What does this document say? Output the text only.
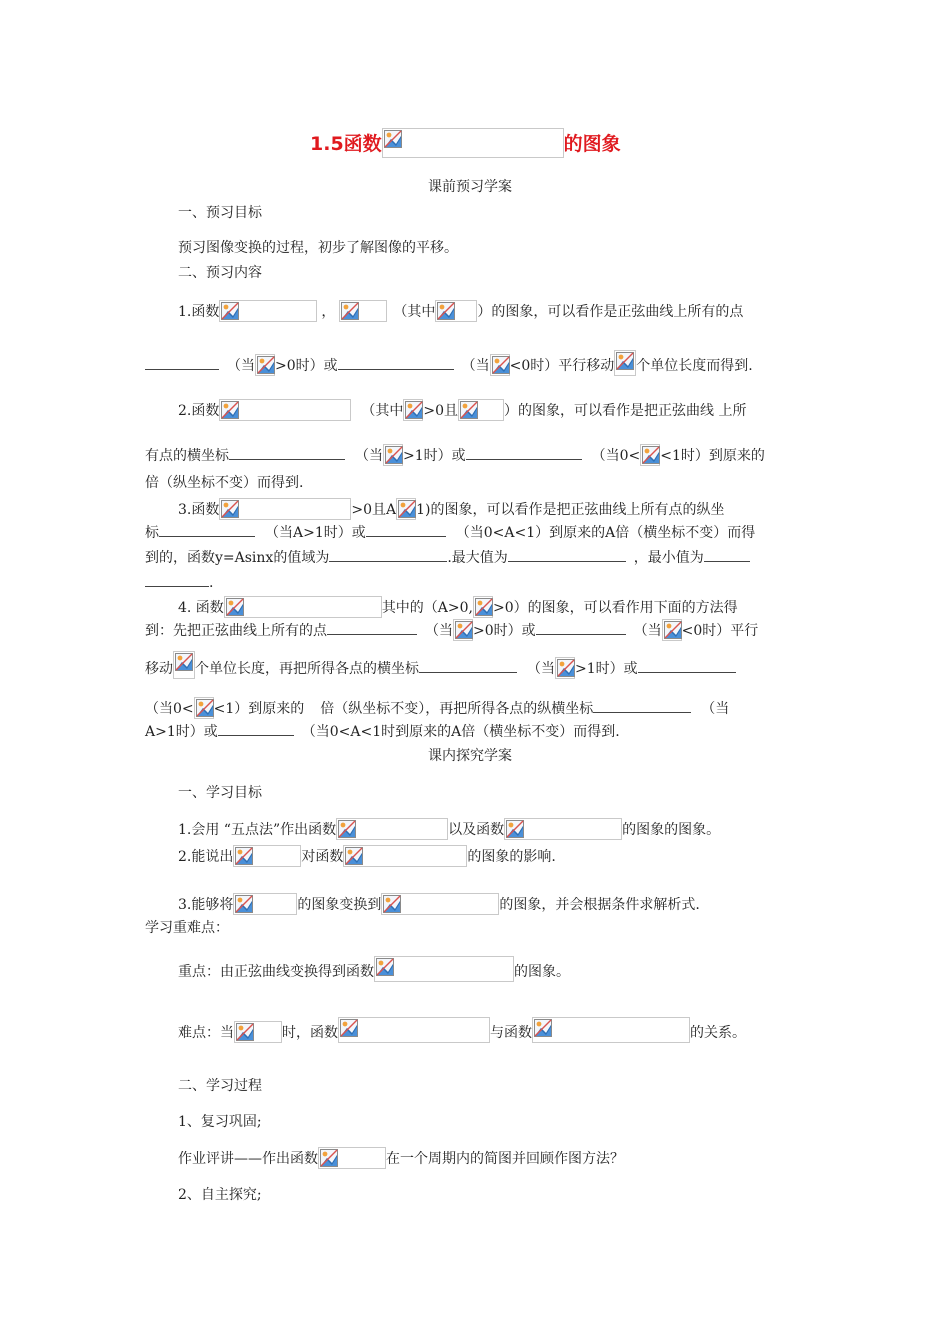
1.5函数	的图象
课前预习学案
一、预习目标
预习图像变换的过程，初步了解图像的平移。
二、预习内容
1.函数	，	（其中	）的图象，可以看作是正弦曲线上所有的点
（当 >0时）或	（当 <0时）平行移动 个单位长度而得到.
2.函数	（其中 >0且	）的图象，可以看作是把正弦曲线 上所
有点的横坐标	（当 >1时）或	（当0< <1时）到原来的
倍（纵坐标不变）而得到.
3.函数	>0且A 1)的图象，可以看作是把正弦曲线上所有点的纵坐
标	（当A>1时）或	（当0<A<1）到原来的A倍（横坐标不变）而得
到的，函数y=Asinx的值域为	.最大值为	，最小值为
.
4. 函数	其中的（A>0, >0）的图象，可以看作用下面的方法得
到：先把正弦曲线上所有的点	（当 >0时）或	（当 <0时）平行
移动 个单位长度，再把所得各点的横坐标	（当 >1时）或
（当0< <1）到原来的 倍（纵坐标不变），再把所得各点的纵横坐标	（当
A>1时）或	（当0<A<1时到原来的A倍（横坐标不变）而得到.
课内探究学案
一、学习目标
1.会用 “五点法”作出函数	以及函数	的图象的图象。
2.能说出	对函数	的图象的影响.
3.能够将	的图象变换到	的图象，并会根据条件求解析式.
学习重难点：
重点：由正弦曲线变换得到函数	的图象。
难点：当	时，函数	与函数	的关系。
二、学习过程
1、复习巩固;
作业评讲——作出函数	在一个周期内的简图并回顾作图方法？
2、自主探究;
